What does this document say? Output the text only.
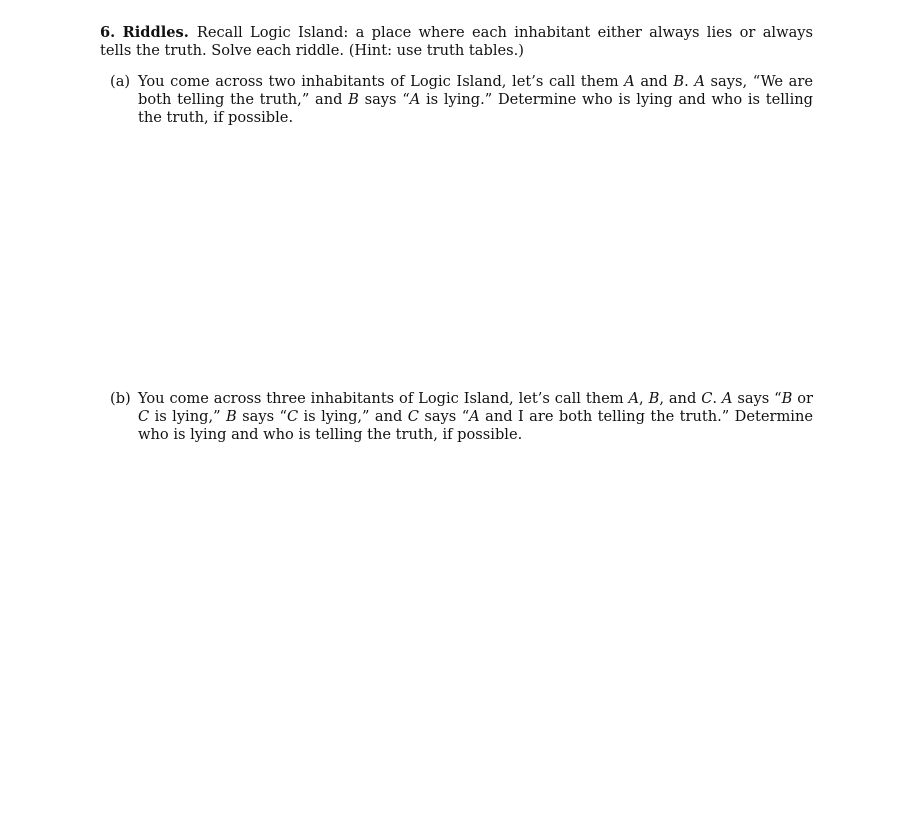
6. Riddles. Recall Logic Island: a place where each inhabitant either always lies or always tells the truth. Solve each riddle. (Hint: use truth tables.)

(a) You come across two inhabitants of Logic Island, let’s call them A and B. A says, “We are both telling the truth,” and B says “A is lying.” Determine who is lying and who is telling the truth, if possible.
(b) You come across three inhabitants of Logic Island, let’s call them A, B, and C. A says “B or C is lying,” B says “C is lying,” and C says “A and I are both telling the truth.” Determine who is lying and who is telling the truth, if possible.
